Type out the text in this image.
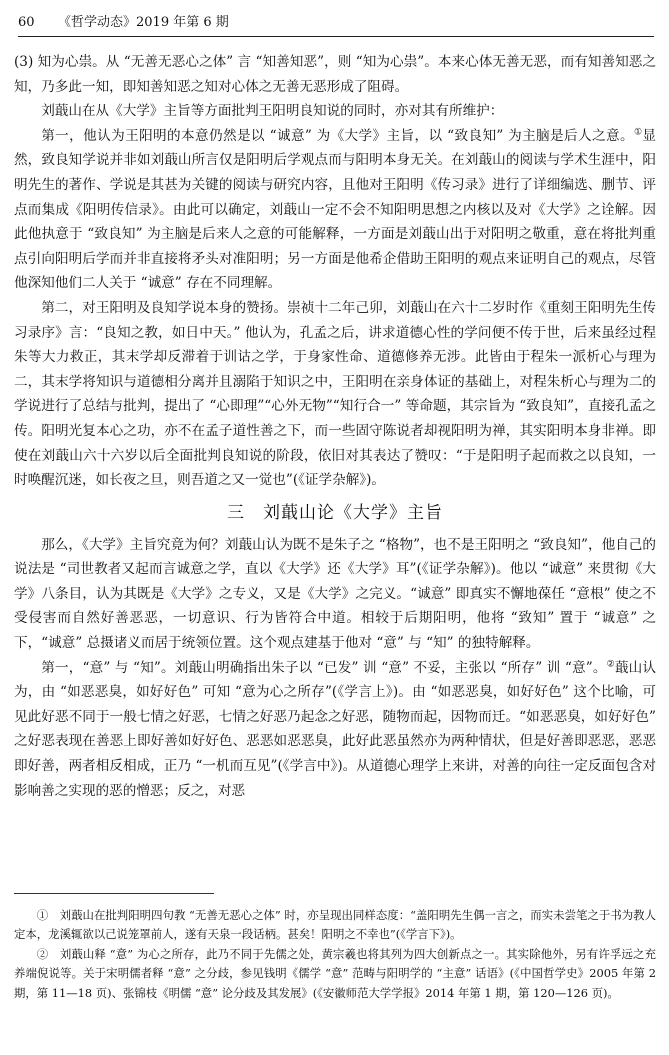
60 《哲学动态》2019 年第 6 期

(3) 知为心祟。从 “无善无恶心之体” 言 “知善知恶”，则 “知为心祟”。本来心体无善无恶，而有知善知恶之知，乃多此一知，即知善知恶之知对心体之无善无恶形成了阻碍。

刘蕺山在从《大学》主旨等方面批判王阳明良知说的同时，亦对其有所维护：

第一，他认为王阳明的本意仍然是以 “诚意” 为《大学》主旨，以 “致良知” 为主脑是后人之意。①显然，致良知学说并非如刘蕺山所言仅是阳明后学观点而与阳明本身无关。在刘蕺山的阅读与学术生涯中，阳明先生的著作、学说是其甚为关键的阅读与研究内容，且他对王阳明《传习录》进行了详细编选、删节、评点而集成《阳明传信录》。由此可以确定，刘蕺山一定不会不知阳明思想之内核以及对《大学》之诠解。因此他执意于 “致良知” 为主脑是后来人之意的可能解释，一方面是刘蕺山出于对阳明之敬重，意在将批判重点引向阳明后学而并非直接将矛头对准阳明；另一方面是他希企借助王阳明的观点来证明自己的观点，尽管他深知他们二人关于 “诚意” 存在不同理解。

第二，对王阳明及良知学说本身的赞扬。崇祯十二年己卯，刘蕺山在六十二岁时作《重刻王阳明先生传习录序》言：“良知之教，如日中天。” 他认为，孔孟之后，讲求道德心性的学问便不传于世，后来虽经过程朱等大力救正，其末学却反滞着于训诂之学，于身家性命、道德修养无涉。此皆由于程朱一派析心与理为二，其末学将知识与道德相分离并且溺陷于知识之中，王阳明在亲身体证的基础上，对程朱析心与理为二的学说进行了总结与批判，提出了 “心即理”“心外无物”“知行合一” 等命题，其宗旨为 “致良知”，直接孔孟之传。阳明光复本心之功，亦不在孟子道性善之下，而一些固守陈说者却视阳明为禅，其实阳明本身非禅。即使在刘蕺山六十六岁以后全面批判良知说的阶段，依旧对其表达了赞叹：“于是阳明子起而救之以良知，一时唤醒沉迷，如长夜之旦，则吾道之又一觉也”(《证学杂解》)。

三　刘蕺山论《大学》主旨

那么，《大学》主旨究竟为何？刘蕺山认为既不是朱子之 “格物”，也不是王阳明之 “致良知”，他自己的说法是 “司世教者又起而言诚意之学，直以《大学》还《大学》耳”(《证学杂解》)。他以 “诚意” 来贯彻《大学》八条目，认为其既是《大学》之专义，又是《大学》之完义。“诚意” 即真实不懈地葆任 “意根” 使之不受侵害而自然好善恶恶，一切意识、行为皆符合中道。相较于后期阳明，他将 “致知” 置于 “诚意” 之下，“诚意” 总摄诸义而居于统领位置。这个观点建基于他对 “意” 与 “知” 的独特解释。

第一，“意” 与 “知”。刘蕺山明确指出朱子以 “已发” 训 “意” 不妥，主张以 “所存” 训 “意”。②蕺山认为，由 “如恶恶臭，如好好色” 可知 “意为心之所存”(《学言上》)。由 “如恶恶臭，如好好色” 这个比喻，可见此好恶不同于一般七情之好恶，七情之好恶乃起念之好恶，随物而起，因物而迁。“如恶恶臭，如好好色” 之好恶表现在善恶上即好善如好好色、恶恶如恶恶臭，此好此恶虽然亦为两种情状，但是好善即恶恶，恶恶即好善，两者相反相成，正乃 “一机而互见”(《学言中》)。从道德心理学上来讲，对善的向往一定反面包含对影响善之实现的恶的憎恶；反之，对恶

①　刘蕺山在批判阳明四句教 “无善无恶心之体” 时，亦呈现出同样态度：“盖阳明先生偶一言之，而实未尝笔之于书为教人定本，龙溪辄欲以己说笼罩前人，遂有天泉一段话柄。甚矣！阳明之不幸也”(《学言下》)。

②　刘蕺山释 “意” 为心之所存，此乃不同于先儒之处，黄宗羲也将其列为四大创新点之一。其实除他外，另有许孚远之充养端倪说等。关于宋明儒者释 “意” 之分歧，参见钱明《儒学 “意” 范畴与阳明学的 “主意” 话语》(《中国哲学史》2005 年第 2 期，第 11—18 页)、张锦枝《明儒 “意” 论分歧及其发展》(《安徽师范大学学报》2014 年第 1 期，第 120—126 页)。
